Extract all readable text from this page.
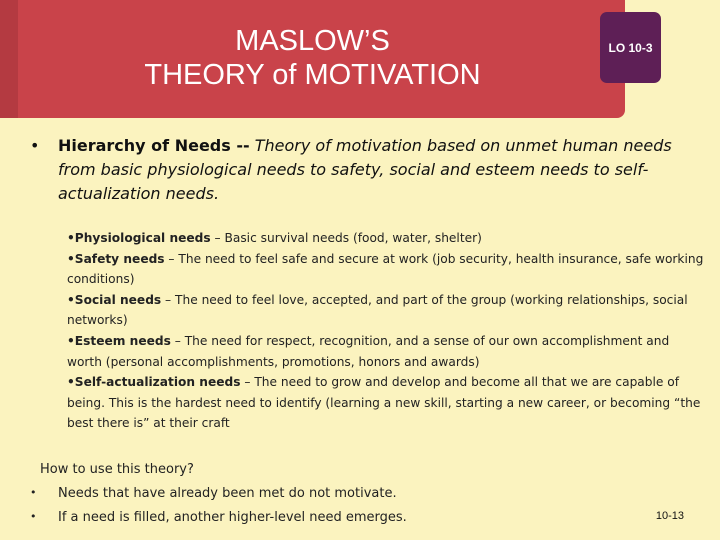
MASLOW’S
THEORY of MOTIVATION
LO 10-3
• Hierarchy of Needs -- Theory of motivation based on unmet human needs from basic physiological needs to safety, social and esteem needs to self-actualization needs.

•Physiological needs – Basic survival needs (food, water, shelter)

•Safety needs – The need to feel safe and secure at work (job security, health insurance, safe working conditions)

•Social needs – The need to feel love, accepted, and part of the group (working relationships, social networks)

•Esteem needs – The need for respect, recognition, and a sense of our own accomplishment and worth (personal accomplishments, promotions, honors and awards)

•Self-actualization needs – The need to grow and develop and become all that we are capable of being. This is the hardest need to identify (learning a new skill, starting a new career, or becoming “the best there is” at their craft

How to use this theory?
• Needs that have already been met do not motivate.
• If a need is filled, another higher-level need emerges.	10-13
